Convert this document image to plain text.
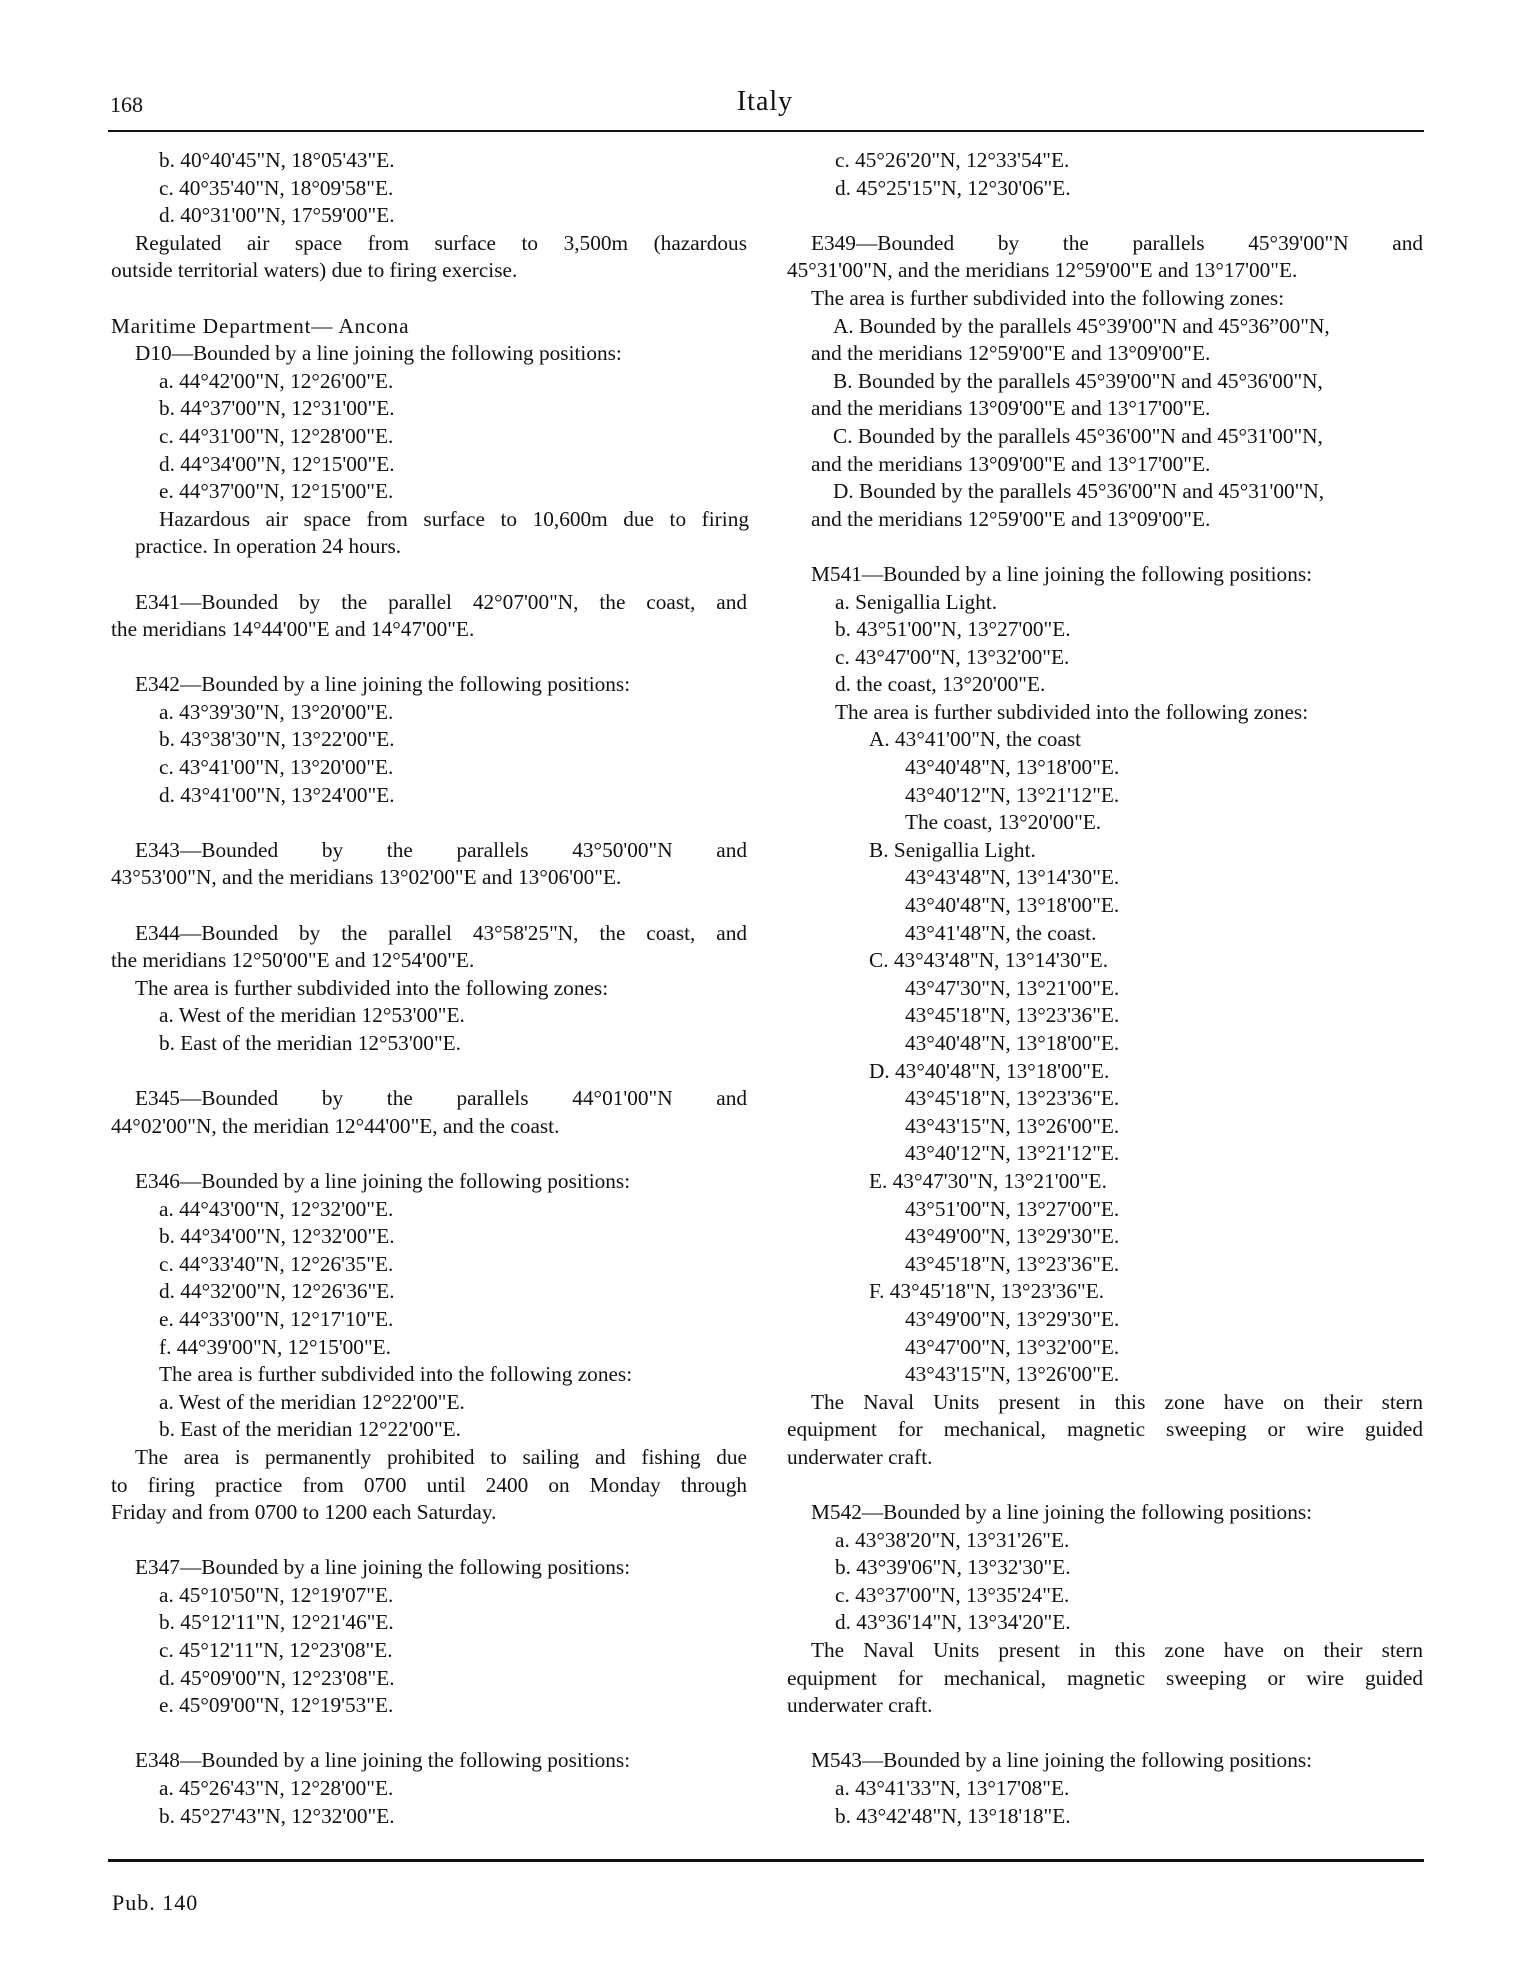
168	Italy
b. 40°40'45"N, 18°05'43"E.
c. 40°35'40"N, 18°09'58"E.
d. 40°31'00"N, 17°59'00"E.
Regulated air space from surface to 3,500m (hazardous
outside territorial waters) due to firing exercise.
Maritime Department— Ancona
D10—Bounded by a line joining the following positions:
a. 44°42'00"N, 12°26'00"E.
b. 44°37'00"N, 12°31'00"E.
c. 44°31'00"N, 12°28'00"E.
d. 44°34'00"N, 12°15'00"E.
e. 44°37'00"N, 12°15'00"E.
Hazardous air space from surface to 10,600m due to firing
practice. In operation 24 hours.
E341—Bounded by the parallel 42°07'00"N, the coast, and
the meridians 14°44'00"E and 14°47'00"E.
E342—Bounded by a line joining the following positions:
a. 43°39'30"N, 13°20'00"E.
b. 43°38'30"N, 13°22'00"E.
c. 43°41'00"N, 13°20'00"E.
d. 43°41'00"N, 13°24'00"E.
E343—Bounded by the parallels 43°50'00"N and
43°53'00"N, and the meridians 13°02'00"E and 13°06'00"E.
E344—Bounded by the parallel 43°58'25"N, the coast, and
the meridians 12°50'00"E and 12°54'00"E.
The area is further subdivided into the following zones:
a. West of the meridian 12°53'00"E.
b. East of the meridian 12°53'00"E.
E345—Bounded by the parallels 44°01'00"N and
44°02'00"N, the meridian 12°44'00"E, and the coast.
E346—Bounded by a line joining the following positions:
a. 44°43'00"N, 12°32'00"E.
b. 44°34'00"N, 12°32'00"E.
c. 44°33'40"N, 12°26'35"E.
d. 44°32'00"N, 12°26'36"E.
e. 44°33'00"N, 12°17'10"E.
f. 44°39'00"N, 12°15'00"E.
The area is further subdivided into the following zones:
a. West of the meridian 12°22'00"E.
b. East of the meridian 12°22'00"E.
The area is permanently prohibited to sailing and fishing due
to firing practice from 0700 until 2400 on Monday through
Friday and from 0700 to 1200 each Saturday.
E347—Bounded by a line joining the following positions:
a. 45°10'50"N, 12°19'07"E.
b. 45°12'11"N, 12°21'46"E.
c. 45°12'11"N, 12°23'08"E.
d. 45°09'00"N, 12°23'08"E.
e. 45°09'00"N, 12°19'53"E.
E348—Bounded by a line joining the following positions:
a. 45°26'43"N, 12°28'00"E.
b. 45°27'43"N, 12°32'00"E.
c. 45°26'20"N, 12°33'54"E.
d. 45°25'15"N, 12°30'06"E.
E349—Bounded by the parallels 45°39'00"N and
45°31'00"N, and the meridians 12°59'00"E and 13°17'00"E.
The area is further subdivided into the following zones:
A. Bounded by the parallels 45°39'00"N and 45°36”00"N,
and the meridians 12°59'00"E and 13°09'00"E.
B. Bounded by the parallels 45°39'00"N and 45°36'00"N,
and the meridians 13°09'00"E and 13°17'00"E.
C. Bounded by the parallels 45°36'00"N and 45°31'00"N,
and the meridians 13°09'00"E and 13°17'00"E.
D. Bounded by the parallels 45°36'00"N and 45°31'00"N,
and the meridians 12°59'00"E and 13°09'00"E.
M541—Bounded by a line joining the following positions:
a. Senigallia Light.
b. 43°51'00"N, 13°27'00"E.
c. 43°47'00"N, 13°32'00"E.
d. the coast, 13°20'00"E.
The area is further subdivided into the following zones:
A. 43°41'00"N, the coast
43°40'48"N, 13°18'00"E.
43°40'12"N, 13°21'12"E.
The coast, 13°20'00"E.
B. Senigallia Light.
43°43'48"N, 13°14'30"E.
43°40'48"N, 13°18'00"E.
43°41'48"N, the coast.
C. 43°43'48"N, 13°14'30"E.
43°47'30"N, 13°21'00"E.
43°45'18"N, 13°23'36"E.
43°40'48"N, 13°18'00"E.
D. 43°40'48"N, 13°18'00"E.
43°45'18"N, 13°23'36"E.
43°43'15"N, 13°26'00"E.
43°40'12"N, 13°21'12"E.
E. 43°47'30"N, 13°21'00"E.
43°51'00"N, 13°27'00"E.
43°49'00"N, 13°29'30"E.
43°45'18"N, 13°23'36"E.
F. 43°45'18"N, 13°23'36"E.
43°49'00"N, 13°29'30"E.
43°47'00"N, 13°32'00"E.
43°43'15"N, 13°26'00"E.
The Naval Units present in this zone have on their stern
equipment for mechanical, magnetic sweeping or wire guided
underwater craft.
M542—Bounded by a line joining the following positions:
a. 43°38'20"N, 13°31'26"E.
b. 43°39'06"N, 13°32'30"E.
c. 43°37'00"N, 13°35'24"E.
d. 43°36'14"N, 13°34'20"E.
The Naval Units present in this zone have on their stern
equipment for mechanical, magnetic sweeping or wire guided
underwater craft.
M543—Bounded by a line joining the following positions:
a. 43°41'33"N, 13°17'08"E.
b. 43°42'48"N, 13°18'18"E.
Pub. 140
